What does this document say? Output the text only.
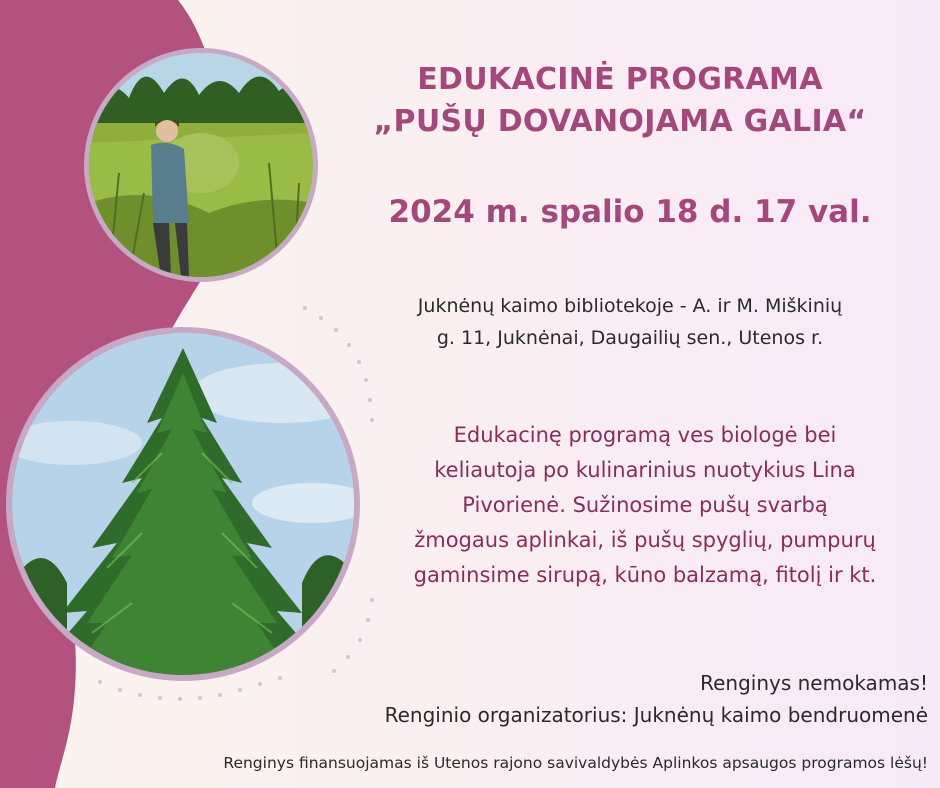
EDUKACINĖ PROGRAMA
„PUŠŲ DOVANOJAMA GALIA“

2024 m. spalio 18 d. 17 val.

Juknėnų kaimo bibliotekoje - A. ir M. Miškinių
g. 11, Juknėnai, Daugailių sen., Utenos r.

Edukacinę programą ves biologė bei
keliautoja po kulinarinius nuotykius Lina
Pivorienė. Sužinosime pušų svarbą
žmogaus aplinkai, iš pušų spyglių, pumpurų
gaminsime sirupą, kūno balzamą, fitolį ir kt.

Renginys nemokamas!

Renginio organizatorius: Juknėnų kaimo bendruomenė

Renginys finansuojamas iš Utenos rajono savivaldybės Aplinkos apsaugos programos lėšų!
